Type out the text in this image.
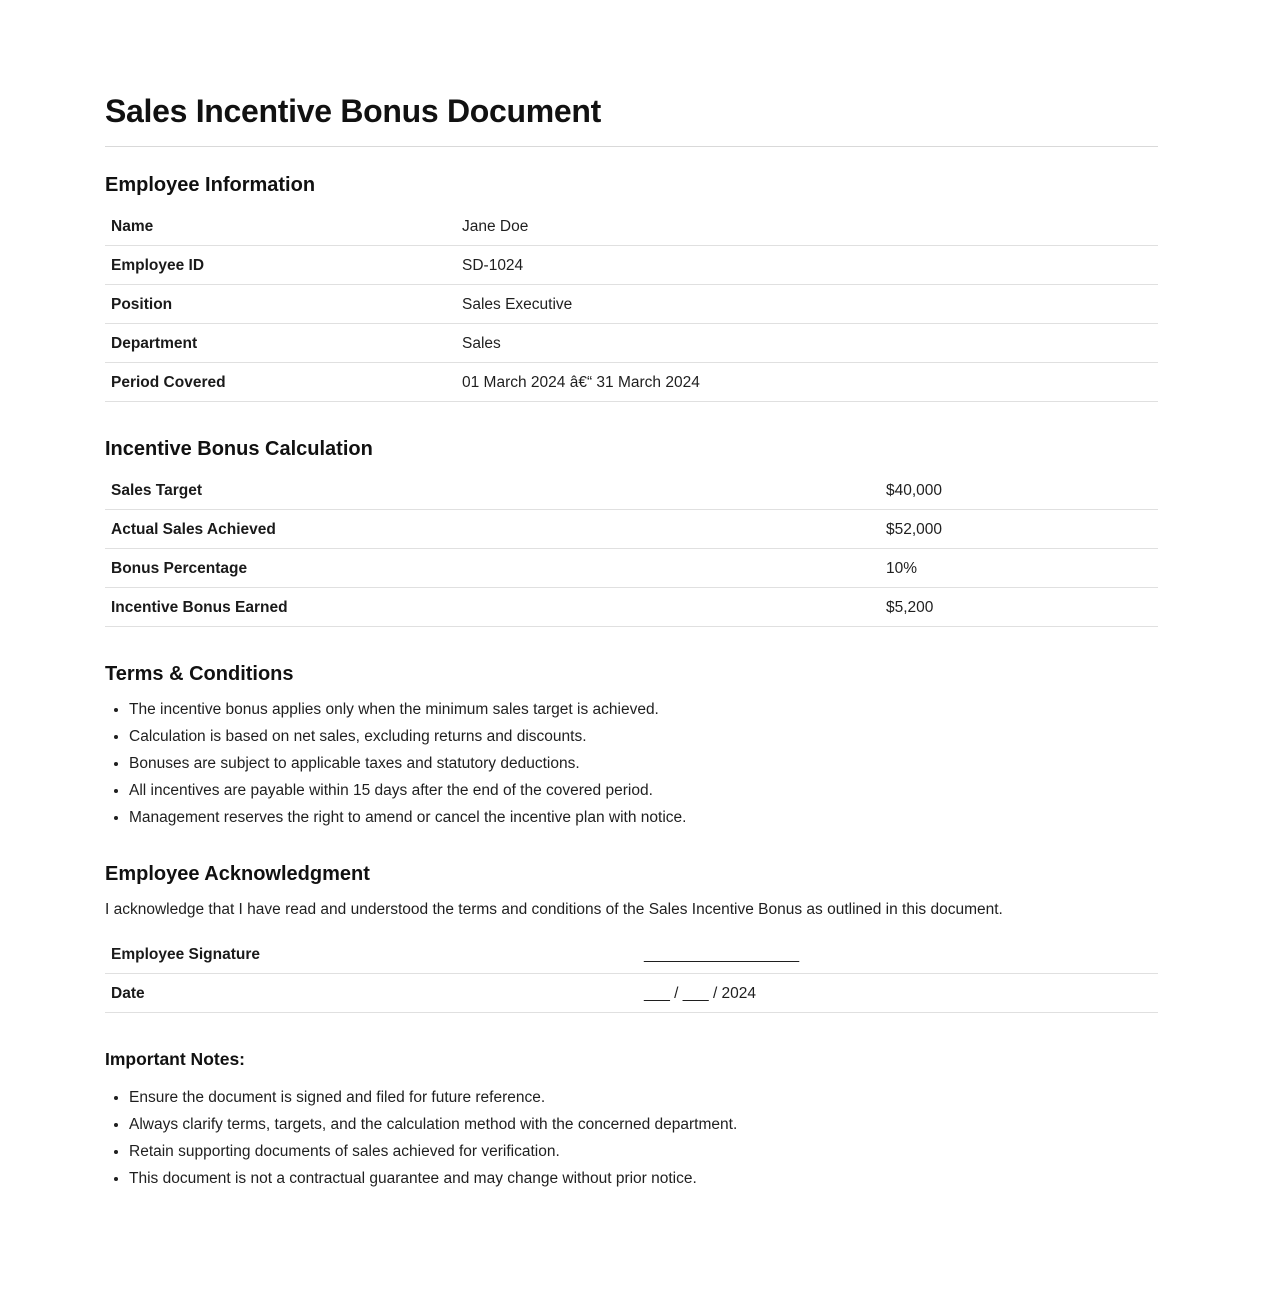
Sales Incentive Bonus Document
Employee Information
Name	Jane Doe
Employee ID	SD-1024
Position	Sales Executive
Department	Sales
Period Covered	01 March 2024 â€“ 31 March 2024
Incentive Bonus Calculation
Sales Target	$40,000
Actual Sales Achieved	$52,000
Bonus Percentage	10%
Incentive Bonus Earned	$5,200
Terms & Conditions
• The incentive bonus applies only when the minimum sales target is achieved.
• Calculation is based on net sales, excluding returns and discounts.
• Bonuses are subject to applicable taxes and statutory deductions.
• All incentives are payable within 15 days after the end of the covered period.
• Management reserves the right to amend or cancel the incentive plan with notice.
Employee Acknowledgment

I acknowledge that I have read and understood the terms and conditions of the Sales Incentive Bonus as outlined in this document.

Employee Signature	__________________
Date	___ / ___ / 2024
Important Notes:
• Ensure the document is signed and filed for future reference.
• Always clarify terms, targets, and the calculation method with the concerned department.
• Retain supporting documents of sales achieved for verification.
• This document is not a contractual guarantee and may change without prior notice.
